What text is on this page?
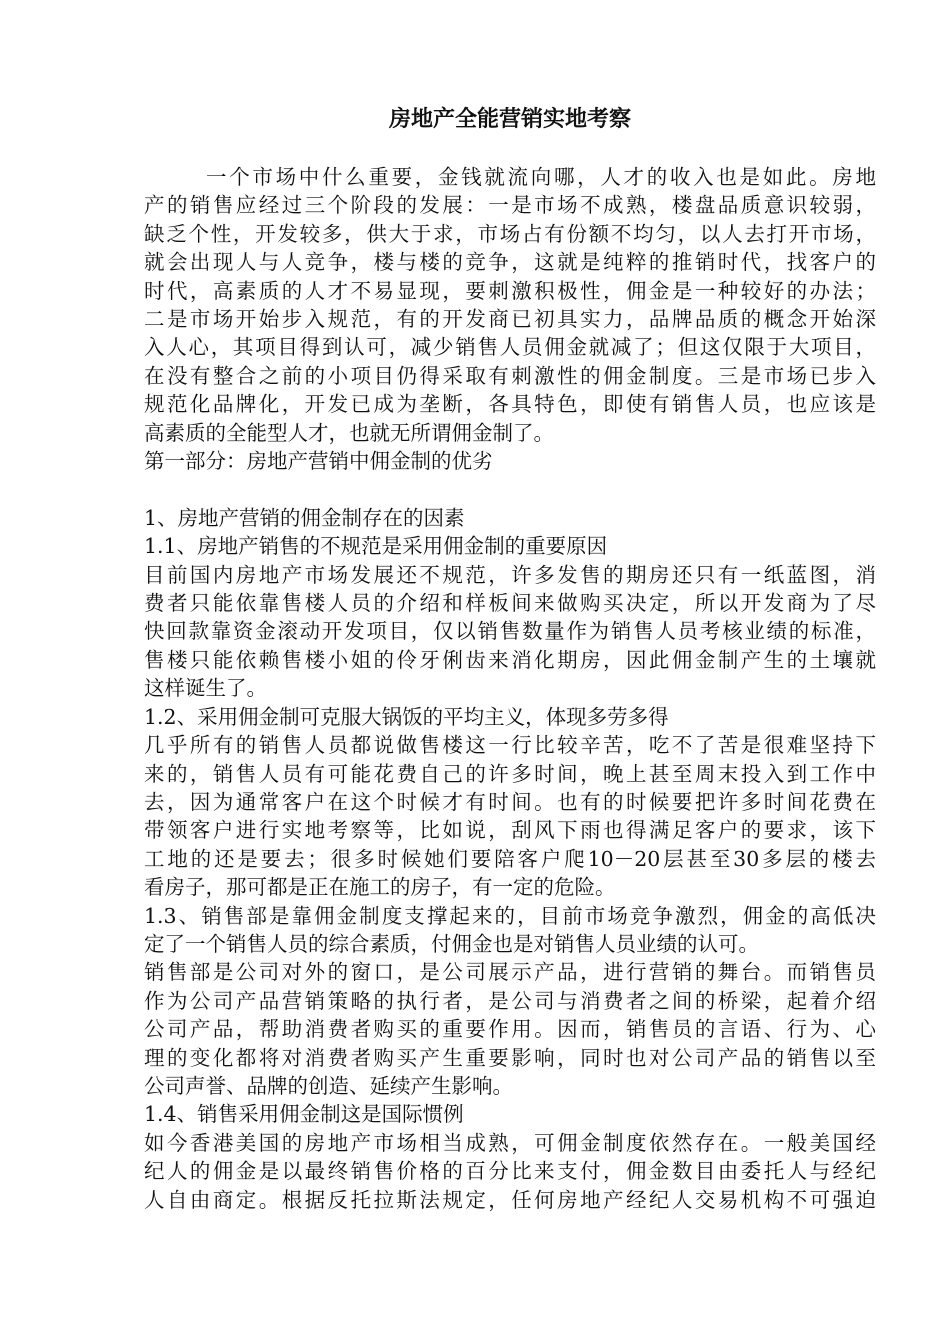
房地产全能营销实地考察

一个市场中什么重要，金钱就流向哪，人才的收入也是如此。房地

产的销售应经过三个阶段的发展：一是市场不成熟，楼盘品质意识较弱，

缺乏个性，开发较多，供大于求，市场占有份额不均匀，以人去打开市场，

就会出现人与人竞争，楼与楼的竞争，这就是纯粹的推销时代，找客户的

时代，高素质的人才不易显现，要刺激积极性，佣金是一种较好的办法；

二是市场开始步入规范，有的开发商已初具实力，品牌品质的概念开始深

入人心，其项目得到认可，减少销售人员佣金就减了；但这仅限于大项目，

在没有整合之前的小项目仍得采取有刺激性的佣金制度。三是市场已步入

规范化品牌化，开发已成为垄断，各具特色，即使有销售人员，也应该是

高素质的全能型人才，也就无所谓佣金制了。

第一部分：房地产营销中佣金制的优劣

1、房地产营销的佣金制存在的因素

1.1、房地产销售的不规范是采用佣金制的重要原因

目前国内房地产市场发展还不规范，许多发售的期房还只有一纸蓝图，消

费者只能依靠售楼人员的介绍和样板间来做购买决定，所以开发商为了尽

快回款靠资金滚动开发项目，仅以销售数量作为销售人员考核业绩的标准，

售楼只能依赖售楼小姐的伶牙俐齿来消化期房，因此佣金制产生的土壤就

这样诞生了。

1.2、采用佣金制可克服大锅饭的平均主义，体现多劳多得

几乎所有的销售人员都说做售楼这一行比较辛苦，吃不了苦是很难坚持下

来的，销售人员有可能花费自己的许多时间，晚上甚至周末投入到工作中

去，因为通常客户在这个时候才有时间。也有的时候要把许多时间花费在

带领客户进行实地考察等，比如说，刮风下雨也得满足客户的要求，该下

工地的还是要去；很多时候她们要陪客户爬10－20层甚至30多层的楼去

看房子，那可都是正在施工的房子，有一定的危险。

1.3、销售部是靠佣金制度支撑起来的，目前市场竞争激烈，佣金的高低决

定了一个销售人员的综合素质，付佣金也是对销售人员业绩的认可。

销售部是公司对外的窗口，是公司展示产品，进行营销的舞台。而销售员

作为公司产品营销策略的执行者，是公司与消费者之间的桥梁，起着介绍

公司产品，帮助消费者购买的重要作用。因而，销售员的言语、行为、心

理的变化都将对消费者购买产生重要影响，同时也对公司产品的销售以至

公司声誉、品牌的创造、延续产生影响。

1.4、销售采用佣金制这是国际惯例

如今香港美国的房地产市场相当成熟，可佣金制度依然存在。一般美国经

纪人的佣金是以最终销售价格的百分比来支付，佣金数目由委托人与经纪

人自由商定。根据反托拉斯法规定，任何房地产经纪人交易机构不可强迫
